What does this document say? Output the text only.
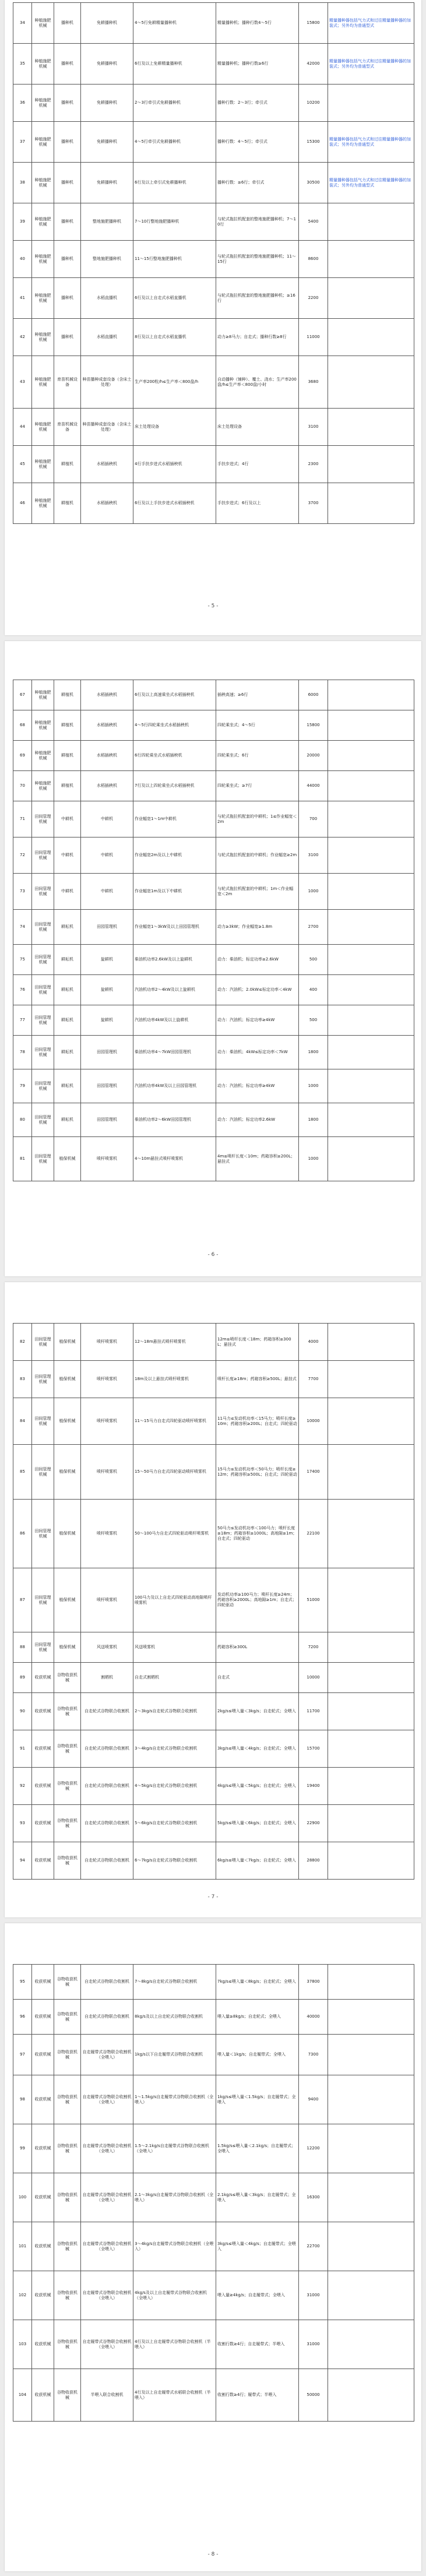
34	种植施肥机械	播种机	免耕播种机	4～5行免耕精量播种机	精量播种机；播种行数4～5行	15800	精量播种器包括气力式和过往精量播种器的加装式；另外均为普通型式
35	种植施肥机械	播种机	免耕播种机	6行及以上免耕精量播种机	精量播种机；播种行数≥6行	42000	精量播种器包括气力式和过往精量播种器的加装式；另外均为普通型式
36	种植施肥机械	播种机	免耕播种机	2～3行牵引式免耕播种机	播种行数：2～3行；牵引式	10200	
37	种植施肥机械	播种机	免耕播种机	4～5行牵引式免耕播种机	播种行数：4～5行；牵引式	15300	精量播种器包括气力式和过往精量播种器的加装式；另外均为普通型式
38	种植施肥机械	播种机	免耕播种机	6行及以上牵引式免耕播种机	播种行数：≥6行；牵引式	30500	精量播种器包括气力式和过往精量播种器的加装式；另外均为普通型式
39	种植施肥机械	播种机	整地施肥播种机	7～10行整地施肥播种机	与轮式拖拉机配套的整地施肥播种机；7～10行	5400	
40	种植施肥机械	播种机	整地施肥播种机	11～15行整地施肥播种机	与轮式拖拉机配套的整地施肥播种机；11～15行	8600	
41	种植施肥机械	播种机	水稻直播机	6行及以上自走式水稻直播机	与轮式拖拉机配套的整地施肥播种机；≥16行	2200	
42	种植施肥机械	播种机	水稻直播机	8行及以上自走式水稻直播机	动力≥8马力；自走式；播种行数≥8行	11000	
43	种植施肥机械	育苗机械设备	种苗播种成套设备（含床土处理）	生产率200粒/h≤生产率＜800盘/h	自动播种（铺种）、覆土、浇水；生产率200盘/h≤生产率＜800盘/小时	3680	
44	种植施肥机械	育苗机械设备	种苗播种成套设备（含床土处理）	床土处理设备	床土处理设备	3100	
45	种植施肥机械	耕植机	水稻插秧机	4行手扶步进式水稻插秧机	手扶步进式；4行	2300	
46	种植施肥机械	耕植机	水稻插秧机	6行及以上手扶步进式水稻插秧机	手扶步进式；6行及以上	3700	
- 5 -
67	种植施肥机械	耕植机	水稻插秧机	6行及以上高速乘坐式水稻插秧机	插秧高速；≥6行	6000	
68	种植施肥机械	耕植机	水稻插秧机	4～5行四轮乘坐式水稻插秧机	四轮乘坐式；4～5行	15800	
69	种植施肥机械	耕植机	水稻插秧机	6行四轮乘坐式水稻插秧机	四轮乘坐式；6行	20000	
70	种植施肥机械	耕植机	水稻插秧机	7行及以上四轮乘坐式水稻插秧机	四轮乘坐式；≥7行	44000	
71	田间管理机械	中耕机	中耕机	作业幅宽1～1m中耕机	与轮式拖拉机配套的中耕机；1≤作业幅宽＜2m	700	
72	田间管理机械	中耕机	中耕机	作业幅宽2m及以上中耕机	与轮式拖拉机配套的中耕机；作业幅宽≥2m	3100	
73	田间管理机械	中耕机	中耕机	作业幅宽1m及以下中耕机	与轮式拖拉机配套的中耕机；1m＜作业幅宽＜2m	1000	
74	田间管理机械	耕耘机	田园管理机	作业幅宽1～3kW及以上田园管理机	动力≥3kW；作业幅宽≥1.8m	2700	
75	田间管理机械	耕耘机	旋耕机	柴油机功率2.6kW及以上旋耕机	动力：柴油机；标定功率≥2.6kW	500	
76	田间管理机械	耕耘机	旋耕机	汽油机功率2～4kW及以上旋耕机	动力：汽油机；2.0kW≤标定功率＜4kW	400	
77	田间管理机械	耕耘机	旋耕机	汽油机功率4kW及以上旋耕机	动力：汽油机；标定功率≥4kW	500	
78	田间管理机械	耕耘机	田园管理机	柴油机功率4～7kW田园管理机	动力：柴油机；4kW≤标定功率＜7kW	1800	
79	田间管理机械	耕耘机	田园管理机	汽油机功率4kW及以上田园管理机	动力：汽油机；标定功率≥4kW	1000	
80	田间管理机械	耕耘机	田园管理机	柴油机功率2～6kW田园管理机	动力：汽油机；标定功率2.6kW	1800	
81	田间管理机械	植保机械	喷杆喷雾机	4～10m悬挂式喷杆喷雾机	4m≤喷杆长度＜10m；药箱容积≥200L；悬挂式	1000	
- 6 -
82	田间管理机械	植保机械	喷杆喷雾机	12～18m悬挂式喷杆喷雾机	12m≤喷杆长度＜18m；药箱容积≥300L；悬挂式	4000	
83	田间管理机械	植保机械	喷杆喷雾机	18m及以上悬挂式喷杆喷雾机	喷杆长度≥18m；药箱容积≥500L；悬挂式	7700	
84	田间管理机械	植保机械	喷杆喷雾机	11～15马力自走式四轮驱动喷杆喷雾机	11马力≤发动机功率＜15马力；喷杆长度≥10m；药箱容积≥200L；自走式；四轮驱动	10000	
85	田间管理机械	植保机械	喷杆喷雾机	15～50马力自走式四轮驱动喷杆喷雾机	15马力≤发动机功率＜50马力；喷杆长度≥12m；药箱容积≥500L；自走式；四轮驱动	17400	
86	田间管理机械	植保机械	喷杆喷雾机	50～100马力自走式四轮驱动喷杆喷雾机	50马力≤发动机功率＜100马力；喷杆长度≥18m；药箱容积≥1000L；高地隙≥1m；自走式；四轮驱动	22100	
87	田间管理机械	植保机械	喷杆喷雾机	100马力及以上自走式四轮驱动高地隙喷杆喷雾机	发动机功率≥100马力；喷杆长度≥24m；药箱容积≥2000L；高地隙≥1m；自走式；四轮驱动	51000	
88	田间管理机械	植保机械	风送喷雾机	风送喷雾机	药箱容积≥300L	7200	
89	收获机械	谷物收获机械	割晒机	自走式割晒机	自走式	10000	
90	收获机械	谷物收获机械	自走轮式谷物联合收割机	2～3kg/s自走轮式谷物联合收割机	2kg/s≤喂入量＜3kg/s；自走轮式；全喂入	11700	
91	收获机械	谷物收获机械	自走轮式谷物联合收割机	3～4kg/s自走轮式谷物联合收割机	3kg/s≤喂入量＜4kg/s；自走轮式；全喂入	15700	
92	收获机械	谷物收获机械	自走轮式谷物联合收割机	4～5kg/s自走轮式谷物联合收割机	4kg/s≤喂入量＜5kg/s；自走轮式；全喂入	19400	
93	收获机械	谷物收获机械	自走轮式谷物联合收割机	5～6kg/s自走轮式谷物联合收割机	5kg/s≤喂入量＜6kg/s；自走轮式；全喂入	22900	
94	收获机械	谷物收获机械	自走轮式谷物联合收割机	6～7kg/s自走轮式谷物联合收割机	6kg/s≤喂入量＜7kg/s；自走轮式；全喂入	28800	
- 7 -
95	收获机械	谷物收获机械	自走轮式谷物联合收割机	7～8kg/s自走轮式谷物联合收割机	7kg/s≤喂入量＜8kg/s；自走轮式；全喂入	37800	
96	收获机械	谷物收获机械	自走轮式谷物联合收割机	8kg/s及以上自走轮式谷物联合收割机	喂入量≥8kg/s；自走轮式；全喂入	40000	
97	收获机械	谷物收获机械	自走履带式谷物联合收割机（全喂入）	1kg/s以下自走履带式谷物联合收割机	喂入量＜1kg/s；自走履带式；全喂入	7300	
98	收获机械	谷物收获机械	自走履带式谷物联合收割机（全喂入）	1～1.5kg/s自走履带式谷物联合收割机（全喂入）	1kg/s≤喂入量＜1.5kg/s；自走履带式；全喂入	9400	
99	收获机械	谷物收获机械	自走履带式谷物联合收割机（全喂入）	1.5～2.1kg/s自走履带式谷物联合收割机（全喂入）	1.5kg/s≤喂入量＜2.1kg/s；自走履带式；全喂入	12200	
100	收获机械	谷物收获机械	自走履带式谷物联合收割机（全喂入）	2.1～3kg/s自走履带式谷物联合收割机（全喂入）	2.1kg/s≤喂入量＜3kg/s；自走履带式；全喂入	16300	
101	收获机械	谷物收获机械	自走履带式谷物联合收割机（全喂入）	3～4kg/s自走履带式谷物联合收割机（全喂入）	3kg/s≤喂入量＜4kg/s；自走履带式；全喂入	22700	
102	收获机械	谷物收获机械	自走履带式谷物联合收割机（全喂入）	4kg/s及以上自走履带式谷物联合收割机（全喂入）	喂入量≥4kg/s；自走履带式；全喂入	31000	
103	收获机械	谷物收获机械	自走履带式谷物联合收割机（全喂入）	4行及以上自走履带式谷物联合收割机（半喂入）	收割行数≥4行；自走履带式；半喂入	31000	
104	收获机械	谷物收获机械	半喂入联合收割机	4行及以上自走履带式水稻联合收割机（半喂入）	收割行数≥4行；履带式；半喂入	50000	
- 8 -
